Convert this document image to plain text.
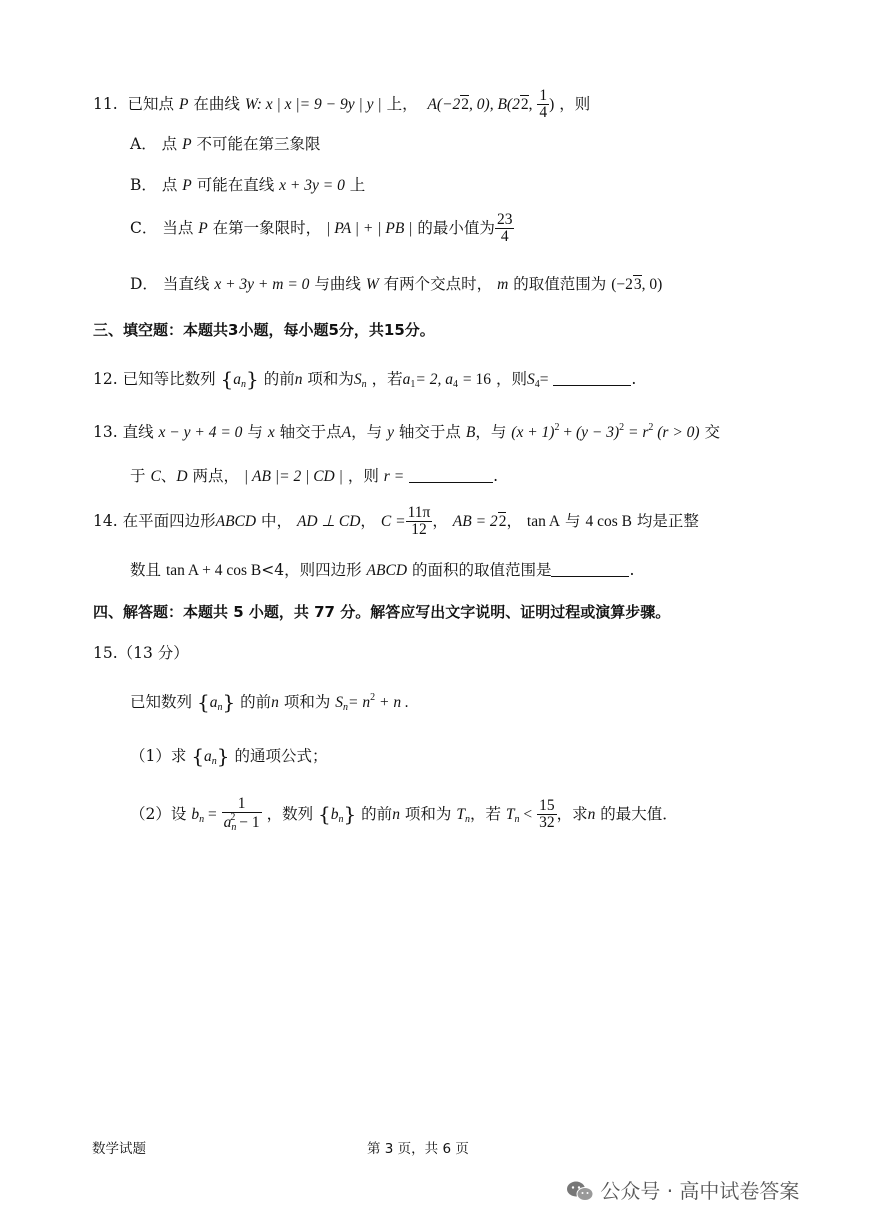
11. 已知点 P 在曲线 W: x | x |= 9 − 9y | y | 上， A(−22, 0), B(22, $\frac{1}{4}$ ) ，则
A． 点 P 不可能在第三象限
B． 点 P 可能在直线 x + 3y = 0 上
C． 当点 P 在第一象限时， | PA | + | PB | 的最小值为 $\frac{23}{4}$
D． 当直线 x + 3y + m = 0 与曲线 W 有两个交点时， m 的取值范围为 (−23, 0)
三、填空题：本题共3小题，每小题5分，共15分。
12. 已知等比数列 $\{a_n\}$ 的前n 项和为$S_n$ ，若$a_1= 2$, $a_4 = 16$ ，则$S_4=$	.
13. 直线 x − y + 4 = 0 与 x 轴交于点A，与 y 轴交于点 B，与 $(x + 1)^2 + (y - 3)^2 = r^2$ (r > 0) 交
于 C、D 两点， | AB |= 2 | CD | ，则 r =	.
14. 在平面四边形ABCD 中， AD ⊥ CD， $C = \frac{11\pi}{12}$ ， AB = 22， tan A 与 4 cos B 均是正整
数且 tan A + 4 cos B<4，则四边形 ABCD 的面积的取值范围是	.
四、解答题：本题共 5 小题，共 77 分。解答应写出文字说明、证明过程或演算步骤。
15.（13 分）
已知数列 $\{a_n\}$ 的前n 项和为 $S_n= n^2 + n$ .
（1）求 $\{a_n\}$ 的通项公式；
（2）设 $b_n = \frac{1}{a_n^2 - 1}$ ，数列 $\{b_n\}$ 的前n 项和为 $T_n$，若 $T_n < \frac{15}{32}$ ，求n 的最大值．
数学试题	第 3 页，共 6 页
公众号 · 高中试卷答案
